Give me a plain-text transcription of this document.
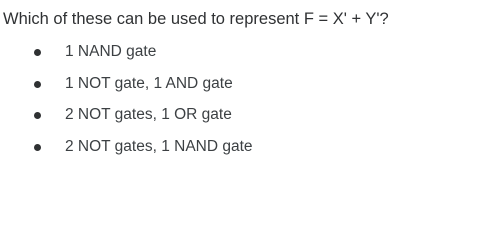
Which of these can be used to represent F = X' + Y'?
1 NAND gate
1 NOT gate, 1 AND gate
2 NOT gates, 1 OR gate
2 NOT gates, 1 NAND gate
